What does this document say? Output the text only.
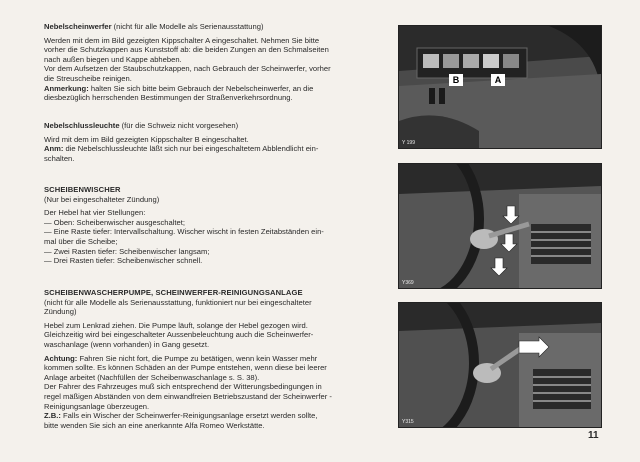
Nebelscheinwerfer (nicht für alle Modelle als Serienausstattung)

Werden mit dem im Bild gezeigten Kippschalter A eingeschaltet. Nehmen Sie bitte

vorher die Schutzkappen aus Kunststoff ab: die beiden Zungen an den Schmalseiten

nach außen biegen und Kappe abheben.

Vor dem Aufsetzen der Staubschutzkappen, nach Gebrauch der Scheinwerfer, vorher

die Streuscheibe reinigen.

Anmerkung: halten Sie sich bitte beim Gebrauch der Nebelscheinwerfer, an die

diesbezüglich herrschenden Bestimmungen der Straßenverkehrsordnung.

Nebelschlussleuchte (für die Schweiz nicht vorgesehen)

Wird mit dem im Bild gezeigten Kippschalter B eingeschaltet.

Anm: die Nebelschlussleuchte läßt sich nur bei eingeschaltetem Abblendlicht ein-

schalten.

SCHEIBENWISCHER

(Nur bei eingeschalteter Zündung)

Der Hebel hat vier Stellungen:

— Oben: Scheibenwischer ausgeschaltet;

— Eine Raste tiefer: Intervallschaltung. Wischer wischt in festen Zeitabständen ein-

mal über die Scheibe;

— Zwei Rasten tiefer: Scheibenwischer langsam;

— Drei Rasten tiefer: Scheibenwischer schnell.

SCHEIBENWASCHERPUMPE, SCHEINWERFER-REINIGUNGSANLAGE

(nicht für alle Modelle als Serienausstattung, funktioniert nur bei eingeschalteter

Zündung)

Hebel zum Lenkrad ziehen. Die Pumpe läuft, solange der Hebel gezogen wird.

Gleichzeitig wird bei eingeschalteter Aussenbeleuchtung auch die Scheinwerfer-

waschanlage (wenn vorhanden) in Gang gesetzt.

Achtung: Fahren Sie nicht fort, die Pumpe zu betätigen, wenn kein Wasser mehr

kommen sollte. Es können Schäden an der Pumpe entstehen, wenn diese bei leerer

Anlage arbeitet (Nachfüllen der Scheibenwaschanlage s. S. 38).

Der Fahrer des Fahrzeuges muß sich entsprechend der Witterungsbedingungen in

regel mäßigen Abständen von dem einwandfreien Betriebszustand der Scheinwerfer -

Reinigungsanlage überzeugen.

Z.B.: Falls ein Wischer der Scheinwerfer-Reinigungsanlage ersetzt werden sollte,

bitte wenden Sie sich an eine anerkannte Alfa Romeo Werkstätte.

B	A
Y 199
Y369
Y315
11
